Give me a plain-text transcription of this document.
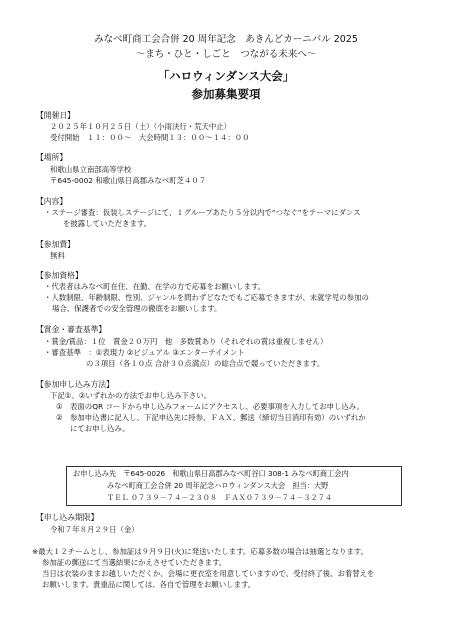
みなべ町商工会合併 20 周年記念　あきんどカーニバル 2025
～まち・ひと・しごと　つながる未来へ～
「ハロウィンダンス大会」
参加募集要項
【開催日】
２０２５年１０月２５日（土）（小雨決行・荒天中止）
受付開始　１１：００～　大会時間１３：００～１４：００
【場所】
和歌山県立南部高等学校
〒645-0002 和歌山県日高郡みなべ町芝４０７
【内容】
・ステージ審査：仮装しステージにて、１グループあたり５分以内で“つなぐ”をテーマにダンス
を披露していただきます。
【参加費】
無料
【参加資格】
・代表者はみなべ町在住、在勤、在学の方で応募をお願いします。
・人数制限、年齢制限、性別、ジャンルを問わずどなたでもご応募できますが、未就学児の参加の
場合、保護者での安全管理の徹底をお願いします。
【賞金・審査基準】
・賞金/賞品：１位　賞金２０万円　他　多数賞あり（それぞれの賞は重複しません）
・審査基準　：①表現力 ②ビジュアル ③エンターテイメント
の３項目（各１０点 合計３０点満点）の総合点で競っていただきます。
【参加申し込み方法】
下記①、②いずれかの方法でお申し込み下さい。
①　表面のQR コードから申し込みフォームにアクセスし、必要事項を入力してお申し込み。
②　参加申込書に記入し、下記申込先に持参、ＦＡＸ、郵送（締切当日消印有効）のいずれか
にてお申し込み。
お申し込み先　〒645-0026　和歌山県日高郡みなべ町谷口 308-1 みなべ町商工会内
みなべ町商工会合併 20 周年記念ハロウィンダンス大会　担当：大野
ＴＥＬ ０７３９－７４－２３０８　ＦＡＸ０７３９－７４－３２７４
【申し込み期限】
令和７年８月２９日（金）
※最大１２チームとし、参加証は９月９日(火)に発送いたします。応募多数の場合は抽選となります。
参加証の郵送にて当選結果にかえさせていただきます。
当日は衣装のままお越しいただくか、会場に更衣室を用意していますので、受付終了後、お着替えを
お願いします。貴重品に関しては、各自で管理をお願いします。
